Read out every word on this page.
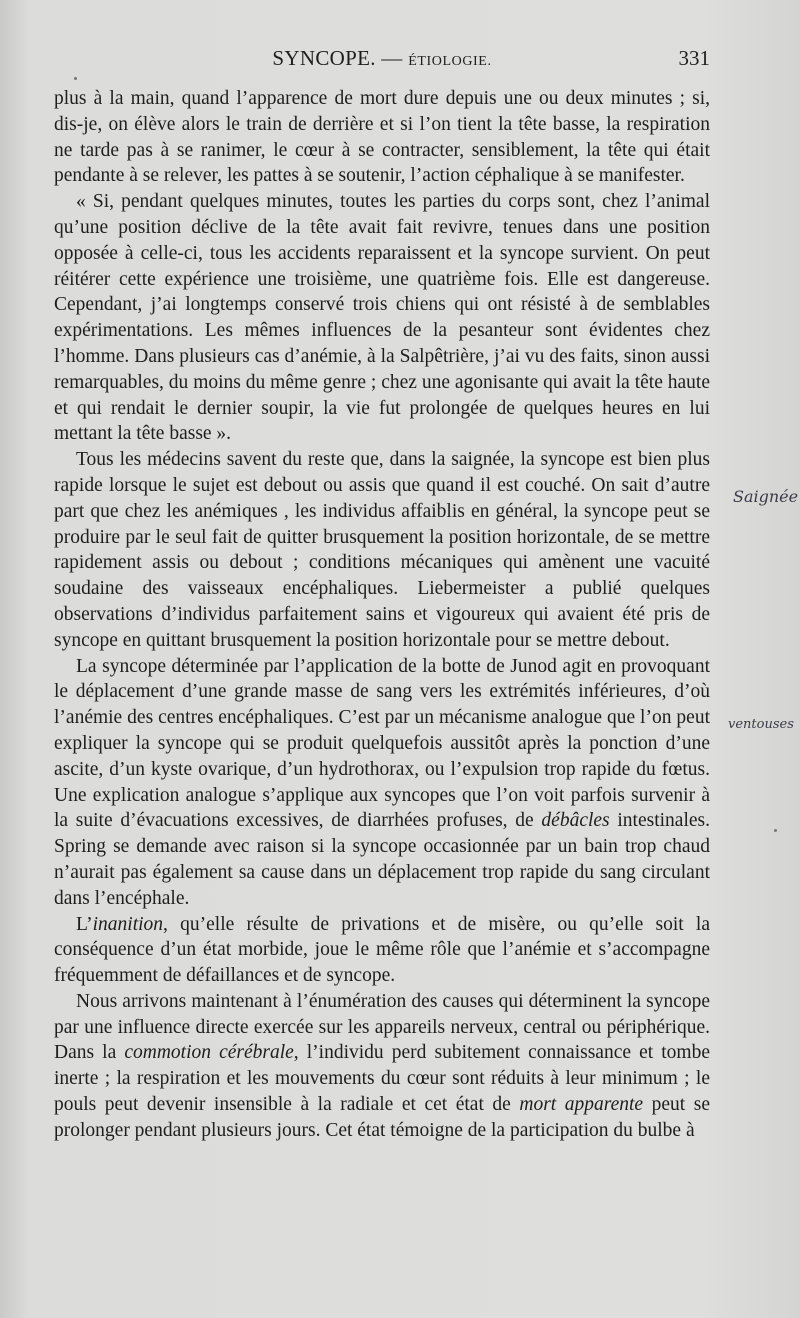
SYNCOPE. — ÉTIOLOGIE.	331

plus à la main, quand l’apparence de mort dure depuis une ou deux minutes ; si, dis-je, on élève alors le train de derrière et si l’on tient la tête basse, la respiration ne tarde pas à se ranimer, le cœur à se contracter, sensiblement, la tête qui était pendante à se relever, les pattes à se soutenir, l’action céphalique à se manifester.

« Si, pendant quelques minutes, toutes les parties du corps sont, chez l’animal qu’une position déclive de la tête avait fait revivre, tenues dans une position opposée à celle-ci, tous les accidents reparaissent et la syncope survient. On peut réitérer cette expérience une troisième, une quatrième fois. Elle est dangereuse. Cependant, j’ai longtemps conservé trois chiens qui ont résisté à de semblables expérimentations. Les mêmes influences de la pesanteur sont évidentes chez l’homme. Dans plusieurs cas d’anémie, à la Salpêtrière, j’ai vu des faits, sinon aussi remarquables, du moins du même genre ; chez une agonisante qui avait la tête haute et qui rendait le dernier soupir, la vie fut prolongée de quelques heures en lui mettant la tête basse ».

Tous les médecins savent du reste que, dans la saignée, la syncope est bien plus rapide lorsque le sujet est debout ou assis que quand il est couché. On sait d’autre part que chez les anémiques , les individus affaiblis en général, la syncope peut se produire par le seul fait de quitter brusquement la position horizontale, de se mettre rapidement assis ou debout ; conditions mécaniques qui amènent une vacuité soudaine des vaisseaux encéphaliques. Liebermeister a publié quelques observations d’individus parfaitement sains et vigoureux qui avaient été pris de syncope en quittant brusquement la position horizontale pour se mettre debout.

La syncope déterminée par l’application de la botte de Junod agit en provoquant le déplacement d’une grande masse de sang vers les extrémités inférieures, d’où l’anémie des centres encéphaliques. C’est par un mécanisme analogue que l’on peut expliquer la syncope qui se produit quelquefois aussitôt après la ponction d’une ascite, d’un kyste ovarique, d’un hydrothorax, ou l’expulsion trop rapide du fœtus. Une explication analogue s’applique aux syncopes que l’on voit parfois survenir à la suite d’évacuations excessives, de diarrhées profuses, de débâcles intestinales. Spring se demande avec raison si la syncope occasionnée par un bain trop chaud n’aurait pas également sa cause dans un déplacement trop rapide du sang circulant dans l’encéphale.

L’inanition, qu’elle résulte de privations et de misère, ou qu’elle soit la conséquence d’un état morbide, joue le même rôle que l’anémie et s’accompagne fréquemment de défaillances et de syncope.

Nous arrivons maintenant à l’énumération des causes qui déterminent la syncope par une influence directe exercée sur les appareils nerveux, central ou périphérique. Dans la commotion cérébrale, l’individu perd subitement connaissance et tombe inerte ; la respiration et les mouvements du cœur sont réduits à leur minimum ; le pouls peut devenir insensible à la radiale et cet état de mort apparente peut se prolonger pendant plusieurs jours. Cet état témoigne de la participation du bulbe à

Saignée
ventouses
